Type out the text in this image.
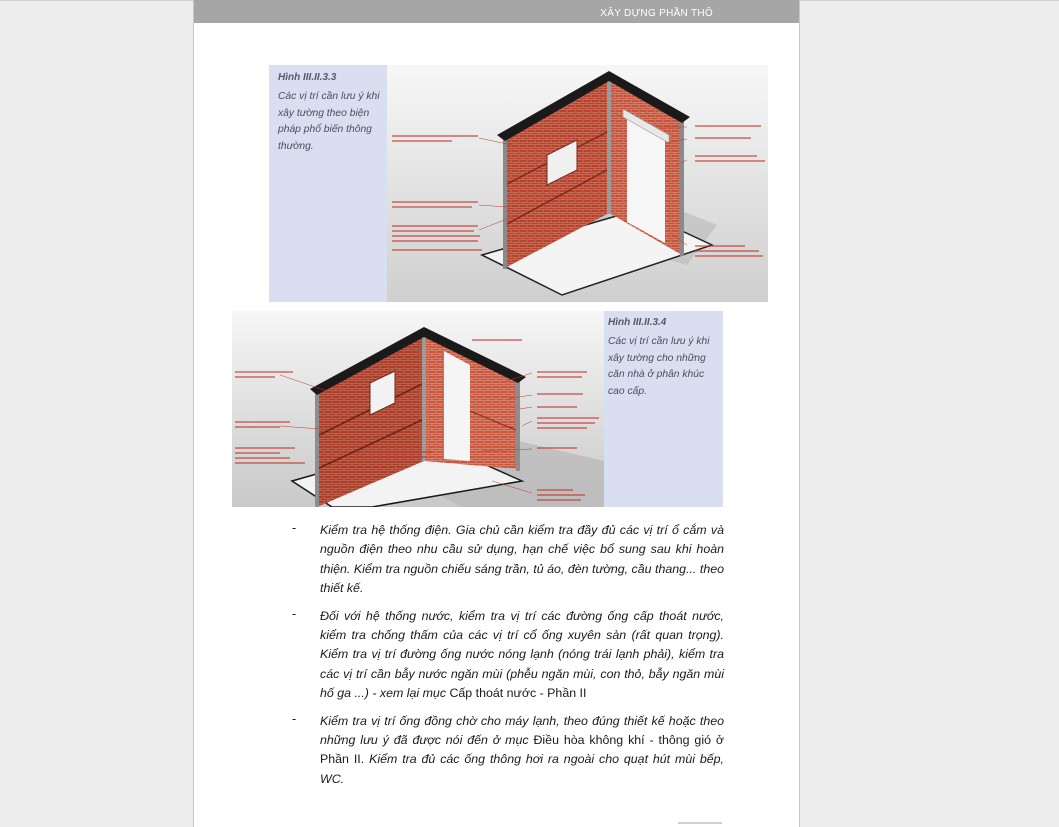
XÂY DỰNG PHẦN THÔ
Hình III.II.3.3
Các vị trí cần lưu ý khi xây tường theo biện pháp phổ biến thông thường.
Hình III.II.3.4
Các vị trí cần lưu ý khi xây tường cho những căn nhà ở phân khúc cao cấp.
- Kiểm tra hệ thống điện. Gia chủ cần kiểm tra đầy đủ các vị trí ổ cắm và nguồn điện theo nhu cầu sử dụng, hạn chế việc bổ sung sau khi hoàn thiện. Kiểm tra nguồn chiếu sáng trần, tủ áo, đèn tường, cầu thang... theo thiết kế.
- Đối với hệ thống nước, kiểm tra vị trí các đường ống cấp thoát nước, kiểm tra chống thấm của các vị trí cổ ống xuyên sàn (rất quan trọng). Kiểm tra vị trí đường ống nước nóng lạnh (nóng trái lạnh phải), kiểm tra các vị trí cần bẫy nước ngăn mùi (phễu ngăn mùi, con thỏ, bẫy ngăn mùi hố ga ...) - xem lại mục Cấp thoát nước - Phần II
- Kiểm tra vị trí ống đồng chờ cho máy lạnh, theo đúng thiết kế hoặc theo những lưu ý đã được nói đến ở mục Điều hòa không khí - thông gió ở Phần II. Kiểm tra đủ các ống thông hơi ra ngoài cho quạt hút mùi bếp, WC.
